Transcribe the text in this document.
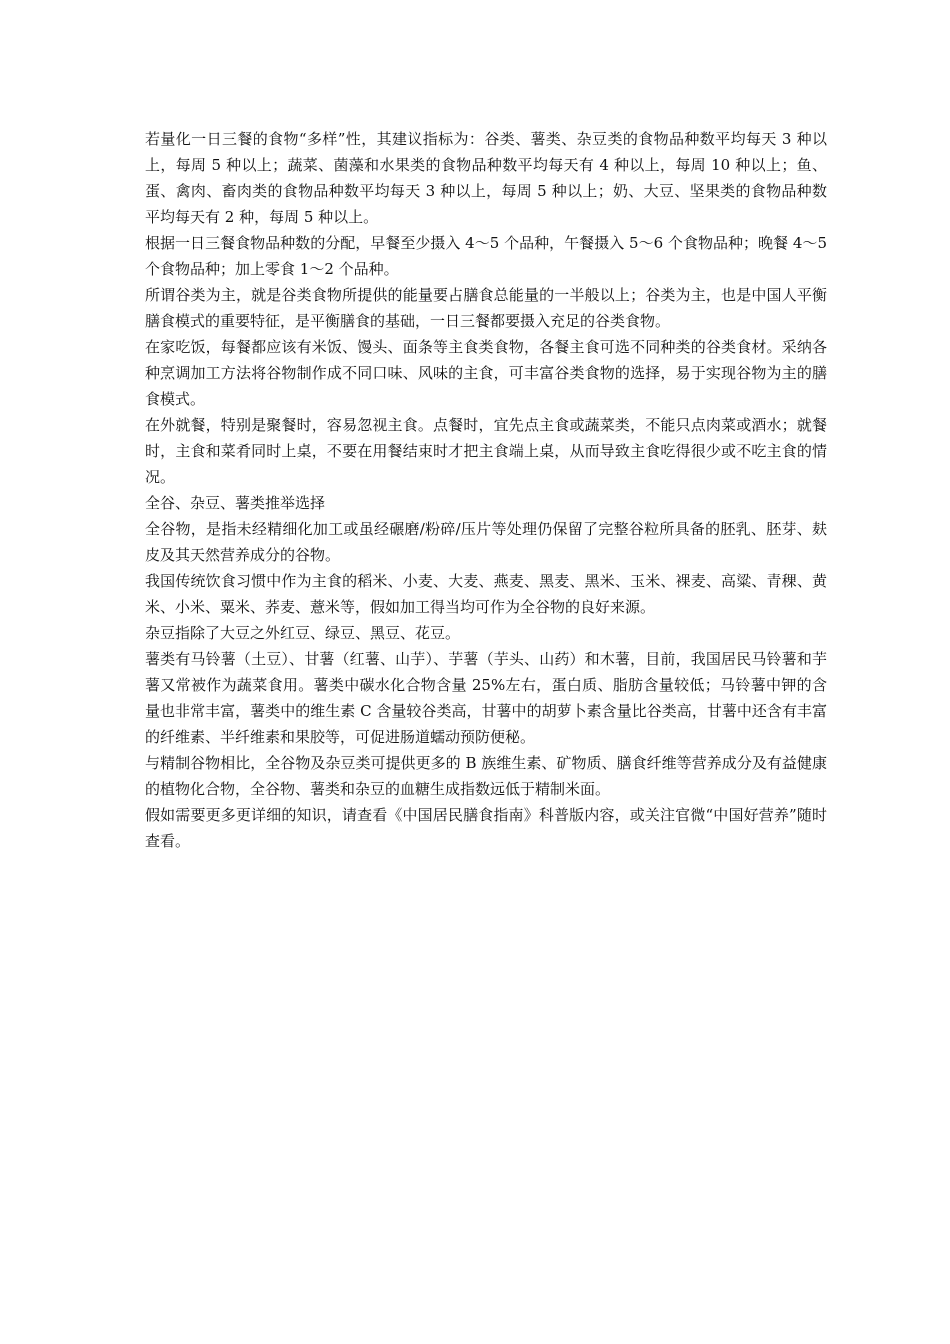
若量化一日三餐的食物“多样”性，其建议指标为：谷类、薯类、杂豆类的食物品种数平均每天 3 种以上，每周 5 种以上；蔬菜、菌藻和水果类的食物品种数平均每天有 4 种以上，每周 10 种以上；鱼、蛋、禽肉、畜肉类的食物品种数平均每天 3 种以上，每周 5 种以上；奶、大豆、坚果类的食物品种数平均每天有 2 种，每周 5 种以上。

根据一日三餐食物品种数的分配，早餐至少摄入 4～5 个品种，午餐摄入 5～6 个食物品种；晚餐 4～5 个食物品种；加上零食 1～2 个品种。

所谓谷类为主，就是谷类食物所提供的能量要占膳食总能量的一半般以上；谷类为主，也是中国人平衡膳食模式的重要特征，是平衡膳食的基础，一日三餐都要摄入充足的谷类食物。

在家吃饭，每餐都应该有米饭、馒头、面条等主食类食物，各餐主食可选不同种类的谷类食材。采纳各种烹调加工方法将谷物制作成不同口味、风味的主食，可丰富谷类食物的选择，易于实现谷物为主的膳食模式。

在外就餐，特别是聚餐时，容易忽视主食。点餐时，宜先点主食或蔬菜类，不能只点肉菜或酒水；就餐时，主食和菜肴同时上桌，不要在用餐结束时才把主食端上桌，从而导致主食吃得很少或不吃主食的情况。

全谷、杂豆、薯类推举选择

全谷物，是指未经精细化加工或虽经碾磨/粉碎/压片等处理仍保留了完整谷粒所具备的胚乳、胚芽、麸皮及其天然营养成分的谷物。

我国传统饮食习惯中作为主食的稻米、小麦、大麦、燕麦、黑麦、黑米、玉米、裸麦、高粱、青稞、黄米、小米、粟米、荞麦、薏米等，假如加工得当均可作为全谷物的良好来源。

杂豆指除了大豆之外红豆、绿豆、黑豆、花豆。

薯类有马铃薯（土豆）、甘薯（红薯、山芋）、芋薯（芋头、山药）和木薯，目前，我国居民马铃薯和芋薯又常被作为蔬菜食用。薯类中碳水化合物含量 25%左右，蛋白质、脂肪含量较低；马铃薯中钾的含量也非常丰富，薯类中的维生素 C 含量较谷类高，甘薯中的胡萝卜素含量比谷类高，甘薯中还含有丰富的纤维素、半纤维素和果胶等，可促进肠道蠕动预防便秘。

与精制谷物相比，全谷物及杂豆类可提供更多的 B 族维生素、矿物质、膳食纤维等营养成分及有益健康的植物化合物，全谷物、薯类和杂豆的血糖生成指数远低于精制米面。

假如需要更多更详细的知识，请查看《中国居民膳食指南》科普版内容，或关注官微“中国好营养”随时查看。
